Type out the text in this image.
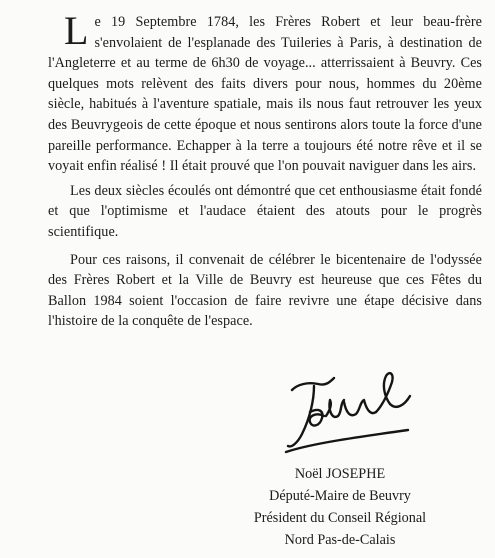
Le 19 Septembre 1784, les Frères Robert et leur beau-frère s'envolaient de l'esplanade des Tuileries à Paris, à destination de l'Angleterre et au terme de 6h30 de voyage... atterrissaient à Beuvry. Ces quelques mots relèvent des faits divers pour nous, hommes du 20ème siècle, habitués à l'aventure spatiale, mais ils nous faut retrouver les yeux des Beuvrygeois de cette époque et nous sentirons alors toute la force d'une pareille performance. Echapper à la terre a toujours été notre rêve et il se voyait enfin réalisé ! Il était prouvé que l'on pouvait naviguer dans les airs.

Les deux siècles écoulés ont démontré que cet enthousiasme était fondé et que l'optimisme et l'audace étaient des atouts pour le progrès scientifique.

Pour ces raisons, il convenait de célébrer le bicentenaire de l'odyssée des Frères Robert et la Ville de Beuvry est heureuse que ces Fêtes du Ballon 1984 soient l'occasion de faire revivre une étape décisive dans l'histoire de la conquête de l'espace.

Noël JOSEPHE
Député-Maire de Beuvry
Président du Conseil Régional
Nord Pas-de-Calais
